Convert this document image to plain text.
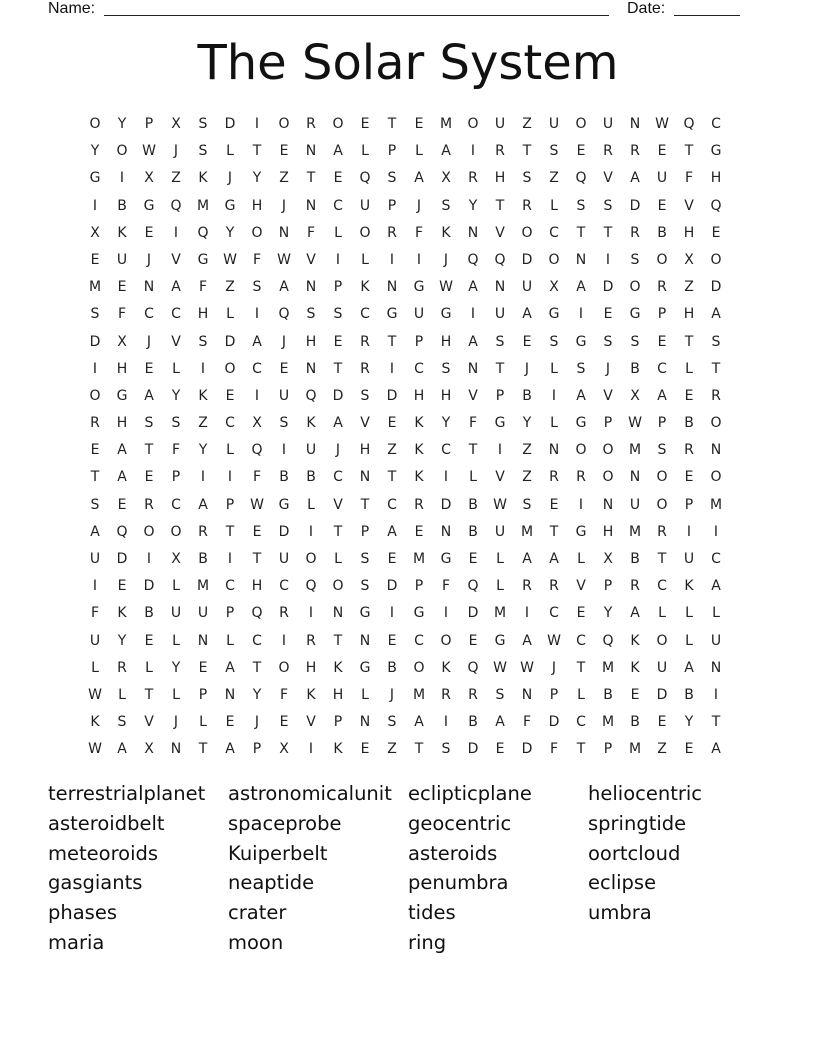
Name:	Date:
The Solar System
O	Y	P	X	S	D	I	O	R	O	E	T	E	M	O	U	Z	U	O	U	N	W	Q	C
Y	O	W	J	S	L	T	E	N	A	L	P	L	A	I	R	T	S	E	R	R	E	T	G
G	I	X	Z	K	J	Y	Z	T	E	Q	S	A	X	R	H	S	Z	Q	V	A	U	F	H
I	B	G	Q	M	G	H	J	N	C	U	P	J	S	Y	T	R	L	S	S	D	E	V	Q
X	K	E	I	Q	Y	O	N	F	L	O	R	F	K	N	V	O	C	T	T	R	B	H	E
E	U	J	V	G	W	F	W	V	I	L	I	I	J	Q	Q	D	O	N	I	S	O	X	O
M	E	N	A	F	Z	S	A	N	P	K	N	G	W	A	N	U	X	A	D	O	R	Z	D
S	F	C	C	H	L	I	Q	S	S	C	G	U	G	I	U	A	G	I	E	G	P	H	A
D	X	J	V	S	D	A	J	H	E	R	T	P	H	A	S	E	S	G	S	S	E	T	S
I	H	E	L	I	O	C	E	N	T	R	I	C	S	N	T	J	L	S	J	B	C	L	T
O	G	A	Y	K	E	I	U	Q	D	S	D	H	H	V	P	B	I	A	V	X	A	E	R
R	H	S	S	Z	C	X	S	K	A	V	E	K	Y	F	G	Y	L	G	P	W	P	B	O
E	A	T	F	Y	L	Q	I	U	J	H	Z	K	C	T	I	Z	N	O	O	M	S	R	N
T	A	E	P	I	I	F	B	B	C	N	T	K	I	L	V	Z	R	R	O	N	O	E	O
S	E	R	C	A	P	W	G	L	V	T	C	R	D	B	W	S	E	I	N	U	O	P	M
A	Q	O	O	R	T	E	D	I	T	P	A	E	N	B	U	M	T	G	H	M	R	I	I
U	D	I	X	B	I	T	U	O	L	S	E	M	G	E	L	A	A	L	X	B	T	U	C
I	E	D	L	M	C	H	C	Q	O	S	D	P	F	Q	L	R	R	V	P	R	C	K	A
F	K	B	U	U	P	Q	R	I	N	G	I	G	I	D	M	I	C	E	Y	A	L	L	L
U	Y	E	L	N	L	C	I	R	T	N	E	C	O	E	G	A	W	C	Q	K	O	L	U
L	R	L	Y	E	A	T	O	H	K	G	B	O	K	Q	W W	J	T	M	K	U	A	N
W	L	T	L	P	N	Y	F	K	H	L	J	M	R	R	S	N	P	L	B	E	D	B	I
K	S	V	J	L	E	J	E	V	P	N	S	A	I	B	A	F	D	C	M	B	E	Y	T
W	A	X	N	T	A	P	X	I	K	E	Z	T	S	D	E	D	F	T	P	M	Z	E	A
terrestrialplanet	astronomicalunit eclipticplane	heliocentric
asteroidbelt	spaceprobe	geocentric	springtide
meteoroids	Kuiperbelt	asteroids	oortcloud
gasgiants	neaptide	penumbra	eclipse
phases	crater	tides	umbra
maria	moon	ring
